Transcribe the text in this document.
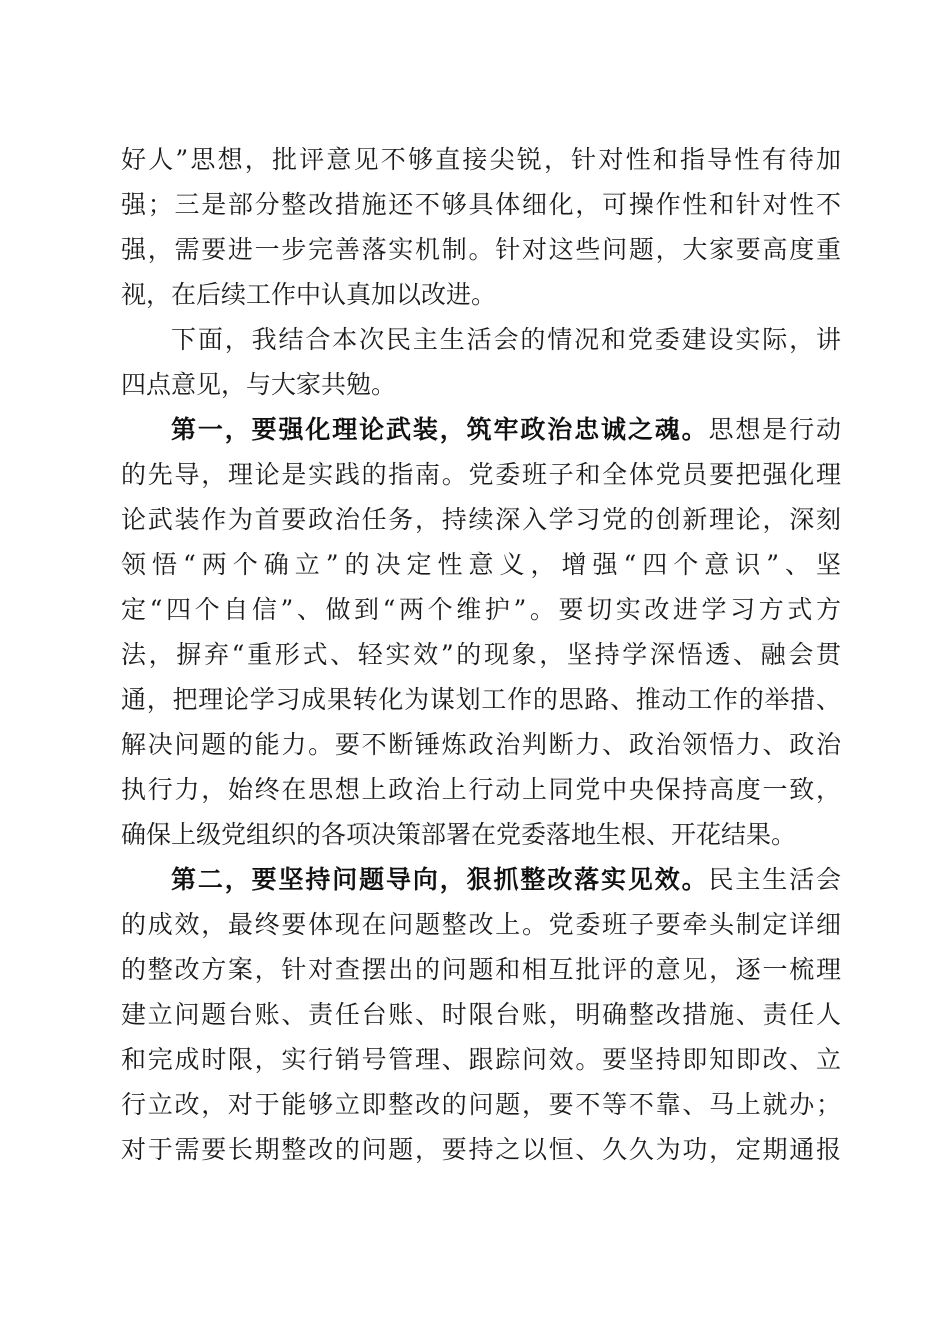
好人”思想，批评意见不够直接尖锐，针对性和指导性有待加
强；三是部分整改措施还不够具体细化，可操作性和针对性不
强，需要进一步完善落实机制。针对这些问题，大家要高度重
视，在后续工作中认真加以改进。
下面，我结合本次民主生活会的情况和党委建设实际，讲
四点意见，与大家共勉。
第一，要强化理论武装，筑牢政治忠诚之魂。思想是行动
的先导，理论是实践的指南。党委班子和全体党员要把强化理
论武装作为首要政治任务，持续深入学习党的创新理论，深刻
领悟“两个确立”的决定性意义，增强“四个意识”、坚
定“四个自信”、做到“两个维护”。要切实改进学习方式方
法，摒弃“重形式、轻实效”的现象，坚持学深悟透、融会贯
通，把理论学习成果转化为谋划工作的思路、推动工作的举措、
解决问题的能力。要不断锤炼政治判断力、政治领悟力、政治
执行力，始终在思想上政治上行动上同党中央保持高度一致，
确保上级党组织的各项决策部署在党委落地生根、开花结果。
第二，要坚持问题导向，狠抓整改落实见效。民主生活会
的成效，最终要体现在问题整改上。党委班子要牵头制定详细
的整改方案，针对查摆出的问题和相互批评的意见，逐一梳理
建立问题台账、责任台账、时限台账，明确整改措施、责任人
和完成时限，实行销号管理、跟踪问效。要坚持即知即改、立
行立改，对于能够立即整改的问题，要不等不靠、马上就办；
对于需要长期整改的问题，要持之以恒、久久为功，定期通报
